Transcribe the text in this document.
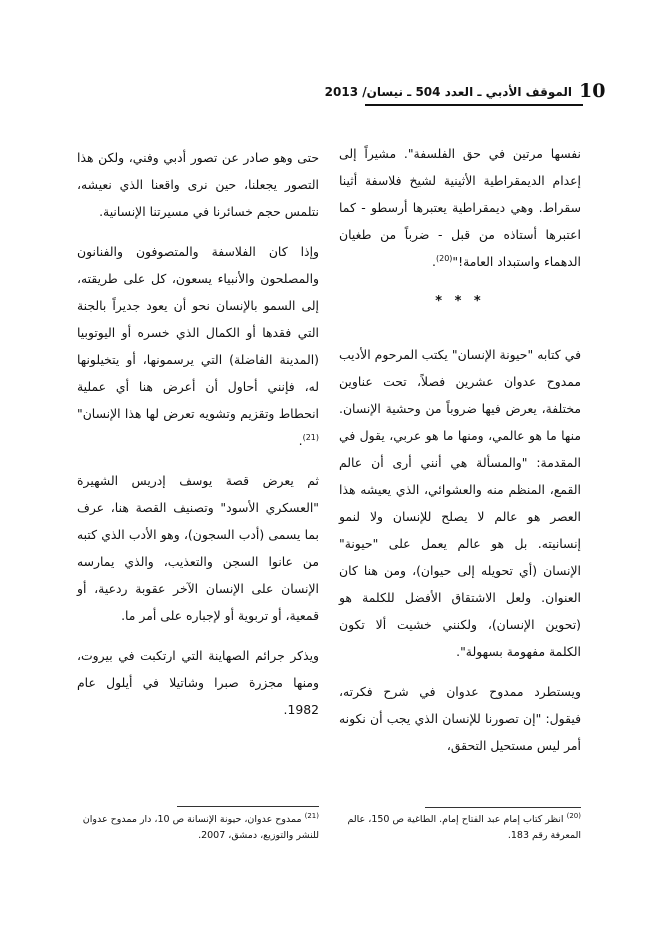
10
الموقف الأدبي ـ العدد 504 ـ نيسان/ 2013

نفسها مرتين في حق الفلسفة". مشيراً إلى إعدام الديمقراطية الأثينية لشيخ فلاسفة أثينا سقراط. وهي ديمقراطية يعتبرها أرسطو - كما اعتبرها أستاذه من قبل - ضرباً من طغيان الدهماء واستبداد العامة!"$^{(20)}$.

* * *

في كتابه "حيونة الإنسان" يكتب المرحوم الأديب ممدوح عدوان عشرين فصلاً، تحت عناوين مختلفة، يعرض فيها ضروباً من وحشية الإنسان. منها ما هو عالمي، ومنها ما هو عربي، يقول في المقدمة: "والمسألة هي أنني أرى أن عالم القمع، المنظم منه والعشوائي، الذي يعيشه هذا العصر هو عالم لا يصلح للإنسان ولا لنمو إنسانيته. بل هو عالم يعمل على "حيونة" الإنسان (أي تحويله إلى حيوان)، ومن هنا كان العنوان. ولعل الاشتقاق الأفضل للكلمة هو (تحوين الإنسان)، ولكنني خشيت ألا تكون الكلمة مفهومة بسهولة".

ويستطرد ممدوح عدوان في شرح فكرته، فيقول: "إن تصورنا للإنسان الذي يجب أن نكونه أمر ليس مستحيل التحقق،

حتى وهو صادر عن تصور أدبي وفني، ولكن هذا التصور يجعلنا، حين نرى واقعنا الذي نعيشه، نتلمس حجم خسائرنا في مسيرتنا الإنسانية.

وإذا كان الفلاسفة والمتصوفون والفنانون والمصلحون والأنبياء يسعون، كل على طريقته، إلى السمو بالإنسان نحو أن يعود جديراً بالجنة التي فقدها أو الكمال الذي خسره أو اليوتوبيا (المدينة الفاضلة) التي يرسمونها، أو يتخيلونها له، فإنني أحاول أن أعرض هنا أي عملية انحطاط وتقزيم وتشويه تعرض لها هذا الإنسان"$^{(21)}$.

ثم يعرض قصة يوسف إدريس الشهيرة "العسكري الأسود" وتصنيف القصة هنا، عرف بما يسمى (أدب السجون)، وهو الأدب الذي كتبه من عانوا السجن والتعذيب، والذي يمارسه الإنسان على الإنسان الآخر عقوبة ردعية، أو قمعية، أو تربوية أو لإجباره على أمر ما.

ويذكر جرائم الصهاينة التي ارتكبت في بيروت، ومنها مجزرة صبرا وشاتيلا في أيلول عام 1982.

$^{(20)}$ انظر كتاب إمام عبد الفتاح إمام. الطاغية ص 150، عالم المعرفة رقم 183.
$^{(21)}$ ممدوح عدوان، حيونة الإنسانة ص 10، دار ممدوح عدوان للنشر والتوزيع، دمشق، 2007.
